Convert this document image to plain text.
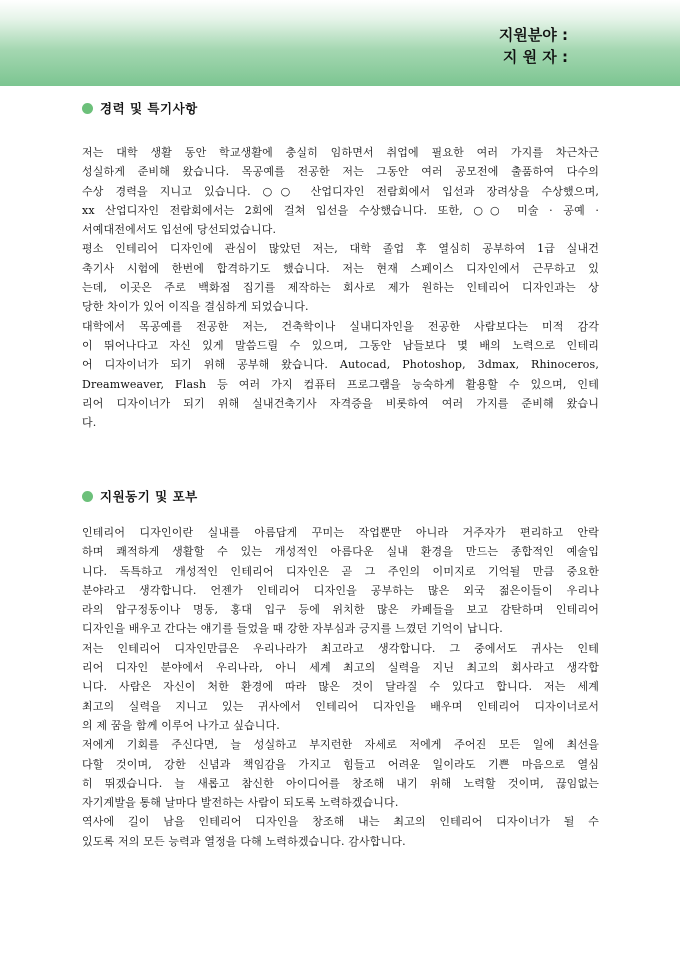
지원분야 :
지 원 자 :
경력 및 특기사항
저는 대학 생활 동안 학교생활에 충실히 임하면서 취업에 필요한 여러 가지를 차근차근
성실하게 준비해 왔습니다. 목공예를 전공한 저는 그동안 여러 공모전에 출품하여 다수의
수상 경력을 지니고 있습니다. ○○ 산업디자인 전람회에서 입선과 장려상을 수상했으며,
xx 산업디자인 전람회에서는 2회에 걸쳐 입선을 수상했습니다. 또한, ○○ 미술 · 공예 ·
서예대전에서도 입선에 당선되었습니다.
평소 인테리어 디자인에 관심이 많았던 저는, 대학 졸업 후 열심히 공부하여 1급 실내건
축기사 시험에 한번에 합격하기도 했습니다. 저는 현재 스페이스 디자인에서 근무하고 있
는데, 이곳은 주로 백화점 집기를 제작하는 회사로 제가 원하는 인테리어 디자인과는 상
당한 차이가 있어 이직을 결심하게 되었습니다.
대학에서 목공예를 전공한 저는, 건축학이나 실내디자인을 전공한 사람보다는 미적 감각
이 뛰어나다고 자신 있게 말씀드릴 수 있으며, 그동안 남들보다 몇 배의 노력으로 인테리
어 디자이너가 되기 위해 공부해 왔습니다. Autocad, Photoshop, 3dmax, Rhinoceros,
Dreamweaver, Flash 등 여러 가지 컴퓨터 프로그램을 능숙하게 활용할 수 있으며, 인테
리어 디자이너가 되기 위해 실내건축기사 자격증을 비롯하여 여러 가지를 준비해 왔습니
다.
지원동기 및 포부
인테리어 디자인이란 실내를 아름답게 꾸미는 작업뿐만 아니라 거주자가 편리하고 안락
하며 쾌적하게 생활할 수 있는 개성적인 아름다운 실내 환경을 만드는 종합적인 예술입
니다. 독특하고 개성적인 인테리어 디자인은 곧 그 주인의 이미지로 기억될 만큼 중요한
분야라고 생각합니다. 언젠가 인테리어 디자인을 공부하는 많은 외국 젊은이들이 우리나
라의 압구정동이나 명동, 홍대 입구 등에 위치한 많은 카페들을 보고 감탄하며 인테리어
디자인을 배우고 간다는 얘기를 들었을 때 강한 자부심과 긍지를 느꼈던 기억이 납니다.
저는 인테리어 디자인만큼은 우리나라가 최고라고 생각합니다. 그 중에서도 귀사는 인테
리어 디자인 분야에서 우리나라, 아니 세계 최고의 실력을 지닌 최고의 회사라고 생각합
니다. 사람은 자신이 처한 환경에 따라 많은 것이 달라질 수 있다고 합니다. 저는 세계
최고의 실력을 지니고 있는 귀사에서 인테리어 디자인을 배우며 인테리어 디자이너로서
의 제 꿈을 함께 이루어 나가고 싶습니다.
저에게 기회를 주신다면, 늘 성실하고 부지런한 자세로 저에게 주어진 모든 일에 최선을
다할 것이며, 강한 신념과 책임감을 가지고 힘들고 어려운 일이라도 기쁜 마음으로 열심
히 뛰겠습니다. 늘 새롭고 참신한 아이디어를 창조해 내기 위해 노력할 것이며, 끊임없는
자기계발을 통해 날마다 발전하는 사람이 되도록 노력하겠습니다.
역사에 길이 남을 인테리어 디자인을 창조해 내는 최고의 인테리어 디자이너가 될 수
있도록 저의 모든 능력과 열정을 다해 노력하겠습니다. 감사합니다.
